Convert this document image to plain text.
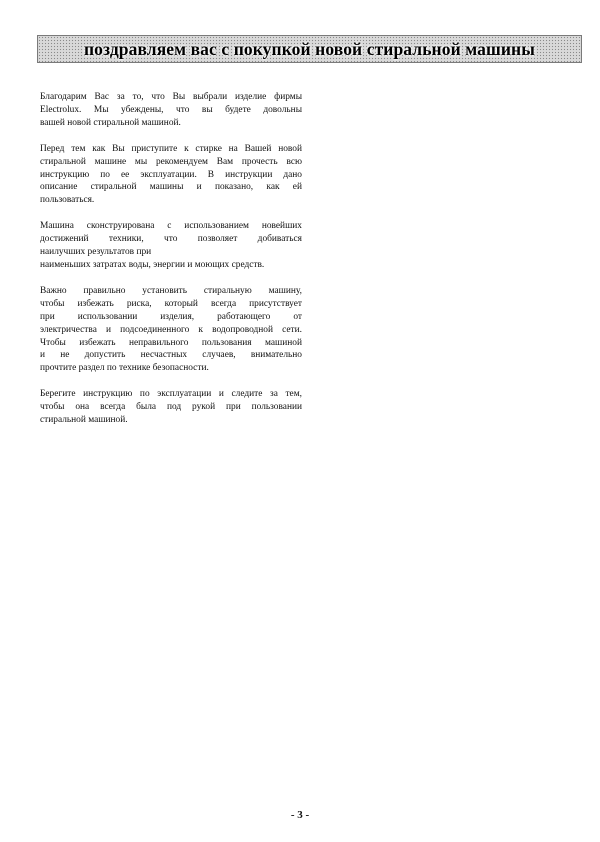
поздравляем вас с покупкой новой стиральной машины

Благодарим Вас за то, что Вы выбрали изделие фирмы
Electrolux. Мы убеждены, что вы будете довольны
вашей новой стиральной машиной.

Перед тем как Вы приступите к стирке на Вашей новой
стиральной машине мы рекомендуем Вам прочесть всю
инструкцию по ее эксплуатации. В инструкции дано
описание стиральной машины и показано, как ей
пользоваться.

Машина сконструирована с использованием новейших
достижений техники, что позволяет добиваться
наилучших результатов при
наименьших затратах воды, энергии и моющих средств.

Важно правильно установить стиральную машину,
чтобы избежать риска, который всегда присутствует
при использовании изделия, работающего от
электричества и подсоединенного к водопроводной сети.
Чтобы избежать неправильного пользования машиной
и не допустить несчастных случаев, внимательно
прочтите раздел по технике безопасности.

Берегите инструкцию по эксплуатации и следите за тем,
чтобы она всегда была под рукой при пользовании
стиральной машиной.

- 3 -
